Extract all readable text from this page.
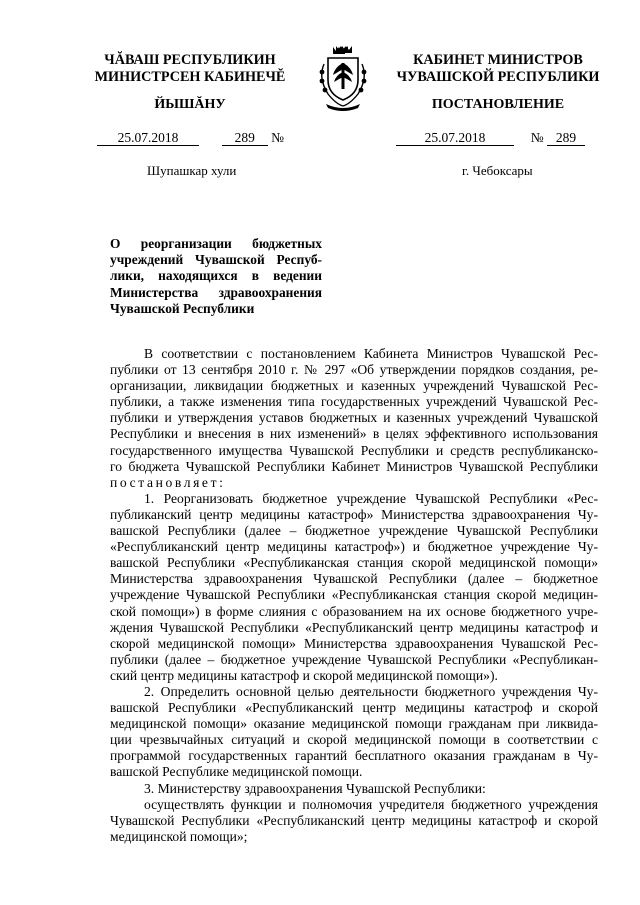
ЧĂВАШ РЕСПУБЛИКИН
МИНИСТРСЕН КАБИНЕЧĔ
ЙЫШĂНУ
КАБИНЕТ МИНИСТРОВ
ЧУВАШСКОЙ РЕСПУБЛИКИ
ПОСТАНОВЛЕНИЕ
25.07.2018	289 №	25.07.2018	№ 289
Шупашкар хули	г. Чебоксары
О реорганизации бюджетных
учреждений Чувашской Респуб-
лики, находящихся в ведении
Министерства здравоохранения
Чувашской Республики
В соответствии с постановлением Кабинета Министров Чувашской Рес-
публики от 13 сентября 2010 г. № 297 «Об утверждении порядков создания, ре-
организации, ликвидации бюджетных и казенных учреждений Чувашской Рес-
публики, а также изменения типа государственных учреждений Чувашской Рес-
публики и утверждения уставов бюджетных и казенных учреждений Чувашской
Республики и внесения в них изменений» в целях эффективного использования
государственного имущества Чувашской Республики и средств республиканско-
го бюджета Чувашской Республики Кабинет Министров Чувашской Республики
постановляет:
1. Реорганизовать бюджетное учреждение Чувашской Республики «Рес-
публиканский центр медицины катастроф» Министерства здравоохранения Чу-
вашской Республики (далее – бюджетное учреждение Чувашской Республики
«Республиканский центр медицины катастроф») и бюджетное учреждение Чу-
вашской Республики «Республиканская станция скорой медицинской помощи»
Министерства здравоохранения Чувашской Республики (далее – бюджетное
учреждение Чувашской Республики «Республиканская станция скорой медицин-
ской помощи») в форме слияния с образованием на их основе бюджетного учре-
ждения Чувашской Республики «Республиканский центр медицины катастроф и
скорой медицинской помощи» Министерства здравоохранения Чувашской Рес-
публики (далее – бюджетное учреждение Чувашской Республики «Республикан-
ский центр медицины катастроф и скорой медицинской помощи»).
2. Определить основной целью деятельности бюджетного учреждения Чу-
вашской Республики «Республиканский центр медицины катастроф и скорой
медицинской помощи» оказание медицинской помощи гражданам при ликвида-
ции чрезвычайных ситуаций и скорой медицинской помощи в соответствии с
программой государственных гарантий бесплатного оказания гражданам в Чу-
вашской Республике медицинской помощи.
3. Министерству здравоохранения Чувашской Республики:
осуществлять функции и полномочия учредителя бюджетного учреждения
Чувашской Республики «Республиканский центр медицины катастроф и скорой
медицинской помощи»;
